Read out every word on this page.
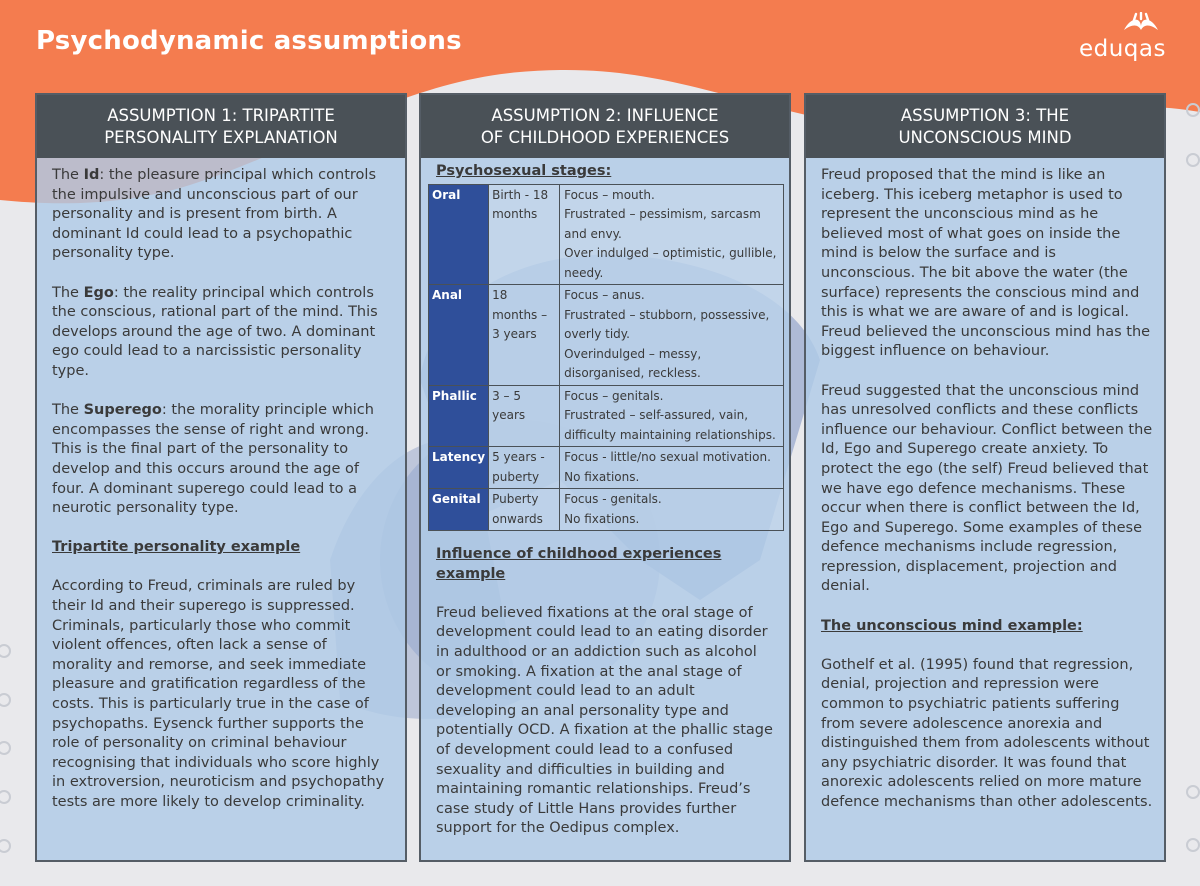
Psychodynamic assumptions	eduqas
ASSUMPTION 1: TRIPARTITE
PERSONALITY EXPLANATION

The Id: the pleasure principal which controls the impulsive and unconscious part of our personality and is present from birth. A dominant Id could lead to a psychopathic personality type.

The Ego: the reality principal which controls the conscious, rational part of the mind. This develops around the age of two. A dominant ego could lead to a narcissistic personality type.

The Superego: the morality principle which encompasses the sense of right and wrong. This is the final part of the personality to develop and this occurs around the age of four. A dominant superego could lead to a neurotic personality type.

Tripartite personality example

According to Freud, criminals are ruled by their Id and their superego is suppressed. Criminals, particularly those who commit violent offences, often lack a sense of morality and remorse, and seek immediate pleasure and gratification regardless of the costs. This is particularly true in the case of psychopaths. Eysenck further supports the role of personality on criminal behaviour recognising that individuals who score highly in extroversion, neuroticism and psychopathy tests are more likely to develop criminality.

ASSUMPTION 2: INFLUENCE
OF CHILDHOOD EXPERIENCES
Psychosexual stages:
Oral	Birth - 18 months	Focus – mouth.
Frustrated – pessimism, sarcasm and envy.
Over indulged – optimistic, gullible, needy.

Anal	18 months – 3 years	Focus – anus.
Frustrated – stubborn, possessive, overly tidy.
Overindulged – messy, disorganised, reckless.

Phallic	3 – 5 years	Focus – genitals.
Frustrated – self-assured, vain, difficulty maintaining relationships.

Latency	5 years - puberty	Focus - little/no sexual motivation.
No fixations.

Genital	Puberty onwards	Focus - genitals.
No fixations.

Influence of childhood experiences example

Freud believed fixations at the oral stage of development could lead to an eating disorder in adulthood or an addiction such as alcohol or smoking. A fixation at the anal stage of development could lead to an adult developing an anal personality type and potentially OCD. A fixation at the phallic stage of development could lead to a confused sexuality and difficulties in building and maintaining romantic relationships. Freud’s case study of Little Hans provides further support for the Oedipus complex.

ASSUMPTION 3: THE
UNCONSCIOUS MIND

Freud proposed that the mind is like an iceberg. This iceberg metaphor is used to represent the unconscious mind as he believed most of what goes on inside the mind is below the surface and is unconscious. The bit above the water (the surface) represents the conscious mind and this is what we are aware of and is logical. Freud believed the unconscious mind has the biggest influence on behaviour.

Freud suggested that the unconscious mind has unresolved conflicts and these conflicts influence our behaviour. Conflict between the Id, Ego and Superego create anxiety. To protect the ego (the self) Freud believed that we have ego defence mechanisms. These occur when there is conflict between the Id, Ego and Superego. Some examples of these defence mechanisms include regression, repression, displacement, projection and denial.

The unconscious mind example:

Gothelf et al. (1995) found that regression, denial, projection and repression were common to psychiatric patients suffering from severe adolescence anorexia and distinguished them from adolescents without any psychiatric disorder. It was found that anorexic adolescents relied on more mature defence mechanisms than other adolescents.
